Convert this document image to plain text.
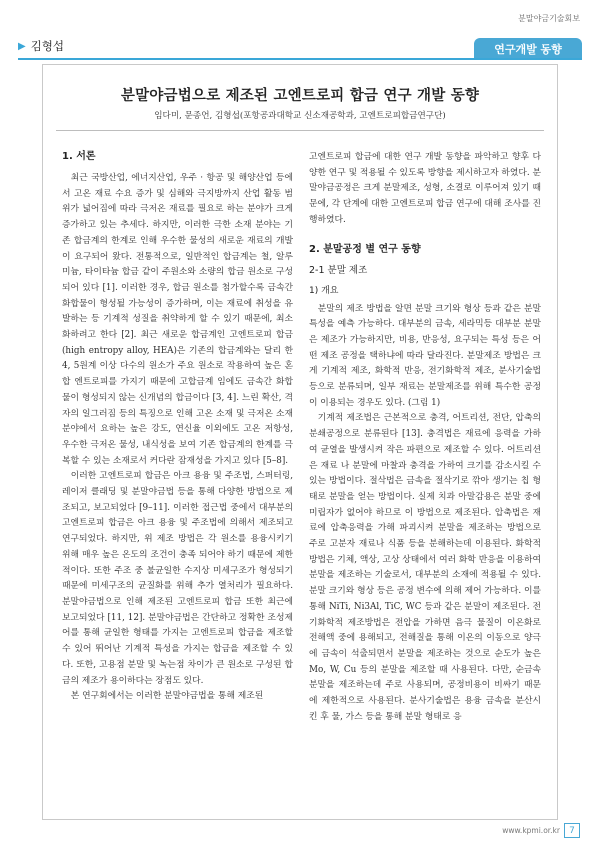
분말야금기술회보
▶ 김형섭	연구개발 동향
분말야금법으로 제조된 고엔트로피 합금 연구 개발 동향
임다미, 문종언, 김형섭(포항공과대학교 신소재공학과, 고엔트로피합금연구단)
1. 서론

최근 국방산업, 에너지산업, 우주 · 항공 및 해양산업 등에서 고온 재료 수요 증가 및 심해와 극지방까지 산업 활동 범위가 넓어짐에 따라 극저온 재료를 필요로 하는 분야가 크게 증가하고 있는 추세다. 하지만, 이러한 극한 소재 분야는 기존 합금계의 한계로 인해 우수한 물성의 새로운 재료의 개발이 요구되어 왔다. 전통적으로, 일반적인 합금계는 철, 알루미늄, 타이타늄 합금 같이 주원소와 소량의 합금 원소로 구성되어 있다 [1]. 이러한 경우, 합금 원소를 첨가할수록 금속간 화합물이 형성될 가능성이 증가하며, 이는 재료에 취성을 유발하는 등 기계적 성질을 취약하게 할 수 있기 때문에, 최소화하려고 한다 [2]. 최근 새로운 합금계인 고엔트로피 합금 (high entropy alloy, HEA)은 기존의 합금계와는 달리 한 4, 5원계 이상 다수의 원소가 주요 원소로 작용하여 높은 혼합 엔트로피를 가지기 때문에 고합금계 임에도 금속간 화합물이 형성되지 않는 신개념의 합금이다 [3, 4]. 느린 확산, 격자의 일그러짐 등의 특징으로 인해 고온 소재 및 극저온 소재 분야에서 요하는 높은 강도, 연신율 이외에도 고온 저항성, 우수한 극저온 물성, 내식성을 보여 기존 합금계의 한계를 극복할 수 있는 소재로서 커다란 잠재성을 가지고 있다 [5–8].

이러한 고엔트로피 합금은 아크 용융 및 주조법, 스퍼터링, 레이저 클래딩 및 분말야금법 등을 통해 다양한 방법으로 제조되고, 보고되었다 [9–11]. 이러한 접근법 중에서 대부분의 고엔트로피 합금은 아크 용융 및 주조법에 의해서 제조되고 연구되었다. 하지만, 위 제조 방법은 각 원소를 용융시키기 위해 매우 높은 온도의 조건이 충족 되어야 하기 때문에 제한적이다. 또한 주조 중 불균일한 수지상 미세구조가 형성되기 때문에 미세구조의 균질화를 위해 추가 열처리가 필요하다. 분말야금법으로 인해 제조된 고엔트로피 합금 또한 최근에 보고되었다 [11, 12]. 분말야금법은 간단하고 정확한 조성제어를 통해 균일한 형태를 가지는 고엔트로피 합금을 제조할 수 있어 뛰어난 기계적 특성을 가지는 합금을 제조할 수 있다. 또한, 고용점 분말 및 녹는점 차이가 큰 원소로 구성된 합금의 제조가 용이하다는 장점도 있다.

본 연구회에서는 이러한 분말야금법을 통해 제조된

고엔트로피 합금에 대한 연구 개발 동향을 파악하고 향후 다양한 연구 및 적용될 수 있도록 방향을 제시하고자 하였다. 분말야금공정은 크게 분말제조, 성형, 소결로 이루어져 있기 때문에, 각 단계에 대한 고엔트로피 합금 연구에 대해 조사를 진행하였다.

2. 분말공정 별 연구 동향
2-1 분말 제조
1) 개요

분말의 제조 방법을 알면 분말 크기와 형상 등과 같은 분말 특성을 예측 가능하다. 대부분의 금속, 세라믹등 대부분 분말은 제조가 가능하지만, 비용, 반응성, 요구되는 특성 등은 어떤 제조 공정을 택하냐에 따라 달라진다. 분말제조 방법은 크게 기계적 제조, 화학적 반응, 전기화학적 제조, 분사기술법 등으로 분류되며, 일부 재료는 분말제조를 위해 특수한 공정이 이용되는 경우도 있다. (그림 1)

기계적 제조법은 근본적으로 충격, 어트리션, 전단, 압축의 분쇄공정으로 분류된다 [13]. 충격법은 재료에 응력을 가하여 균열을 발생시켜 작은 파편으로 제조할 수 있다. 어트리션은 재료 나 분말에 마찰과 충격을 가하여 크기를 감소시킬 수 있는 방법이다. 절삭법은 금속을 절삭기로 깎아 생기는 칩 형태로 분말을 얻는 방법이다. 실제 치과 아말감용은 분말 중에 미립자가 없어야 하므로 이 방법으로 제조된다. 압축법은 재료에 압축응력을 가해 파괴시켜 분말을 제조하는 방법으로 주로 고분자 재료나 식품 등을 분해하는데 이용된다. 화학적 방법은 기체, 액상, 고상 상태에서 여러 화학 반응을 이용하여 분말을 제조하는 기술로서, 대부분의 소재에 적용될 수 있다. 분말 크기와 형상 등은 공정 변수에 의해 제어 가능하다. 이를 통해 NiTi, Ni3Al, TiC, WC 등과 같은 분말이 제조된다. 전기화학적 제조방법은 전압을 가하면 음극 물질이 이온화로 전해액 중에 용해되고, 전해질을 통해 이온의 이동으로 양극에 금속이 석출되면서 분말을 제조하는 것으로 순도가 높은 Mo, W, Cu 등의 분말을 제조할 때 사용된다. 다만, 순금속 분말을 제조하는데 주로 사용되며, 공정비용이 비싸기 때문에 제한적으로 사용된다. 분사기술법은 용융 금속을 분산시킨 후 물, 가스 등을 통해 분말 형태로 응

www.kpmi.or.kr	7
